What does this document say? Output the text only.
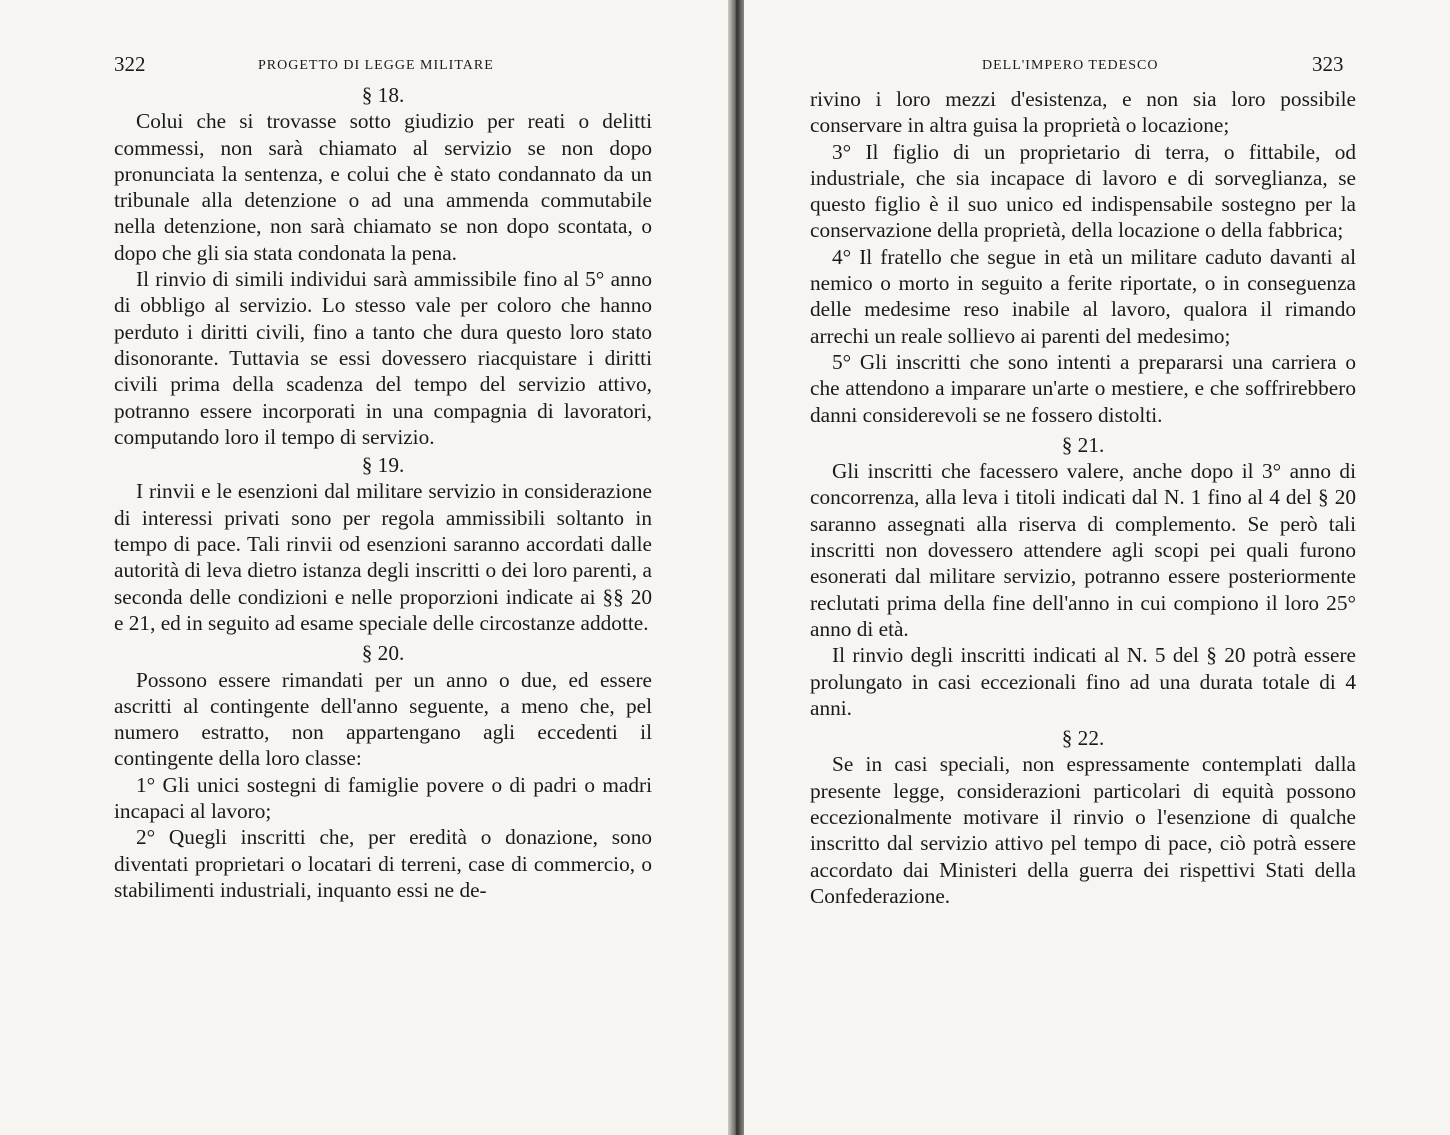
322	PROGETTO DI LEGGE MILITARE
§ 18.

Colui che si trovasse sotto giudizio per reati o delitti commessi, non sarà chiamato al servizio se non dopo pronunciata la sentenza, e colui che è stato condannato da un tribunale alla detenzione o ad una ammenda commutabile nella detenzione, non sarà chiamato se non dopo scontata, o dopo che gli sia stata condonata la pena.

Il rinvio di simili individui sarà ammissibile fino al 5° anno di obbligo al servizio. Lo stesso vale per coloro che hanno perduto i diritti civili, fino a tanto che dura questo loro stato disonorante. Tuttavia se essi dovessero riacquistare i diritti civili prima della scadenza del tempo del servizio attivo, potranno essere incorporati in una compagnia di lavoratori, computando loro il tempo di servizio.

§ 19.

I rinvii e le esenzioni dal militare servizio in considerazione di interessi privati sono per regola ammissibili soltanto in tempo di pace. Tali rinvii od esenzioni saranno accordati dalle autorità di leva dietro istanza degli inscritti o dei loro parenti, a seconda delle condizioni e nelle proporzioni indicate ai §§ 20 e 21, ed in seguito ad esame speciale delle circostanze addotte.

§ 20.

Possono essere rimandati per un anno o due, ed essere ascritti al contingente dell'anno seguente, a meno che, pel numero estratto, non appartengano agli eccedenti il contingente della loro classe:

1° Gli unici sostegni di famiglie povere o di padri o madri incapaci al lavoro;

2° Quegli inscritti che, per eredità o donazione, sono diventati proprietari o locatari di terreni, case di commercio, o stabilimenti industriali, inquanto essi ne de-

DELL'IMPERO TEDESCO	323

rivino i loro mezzi d'esistenza, e non sia loro possibile conservare in altra guisa la proprietà o locazione;

3° Il figlio di un proprietario di terra, o fittabile, od industriale, che sia incapace di lavoro e di sorveglianza, se questo figlio è il suo unico ed indispensabile sostegno per la conservazione della proprietà, della locazione o della fabbrica;

4° Il fratello che segue in età un militare caduto davanti al nemico o morto in seguito a ferite riportate, o in conseguenza delle medesime reso inabile al lavoro, qualora il rimando arrechi un reale sollievo ai parenti del medesimo;

5° Gli inscritti che sono intenti a prepararsi una carriera o che attendono a imparare un'arte o mestiere, e che soffrirebbero danni considerevoli se ne fossero distolti.

§ 21.

Gli inscritti che facessero valere, anche dopo il 3° anno di concorrenza, alla leva i titoli indicati dal N. 1 fino al 4 del § 20 saranno assegnati alla riserva di complemento. Se però tali inscritti non dovessero attendere agli scopi pei quali furono esonerati dal militare servizio, potranno essere posteriormente reclutati prima della fine dell'anno in cui compiono il loro 25° anno di età.

Il rinvio degli inscritti indicati al N. 5 del § 20 potrà essere prolungato in casi eccezionali fino ad una durata totale di 4 anni.

§ 22.

Se in casi speciali, non espressamente contemplati dalla presente legge, considerazioni particolari di equità possono eccezionalmente motivare il rinvio o l'esenzione di qualche inscritto dal servizio attivo pel tempo di pace, ciò potrà essere accordato dai Ministeri della guerra dei rispettivi Stati della Confederazione.
